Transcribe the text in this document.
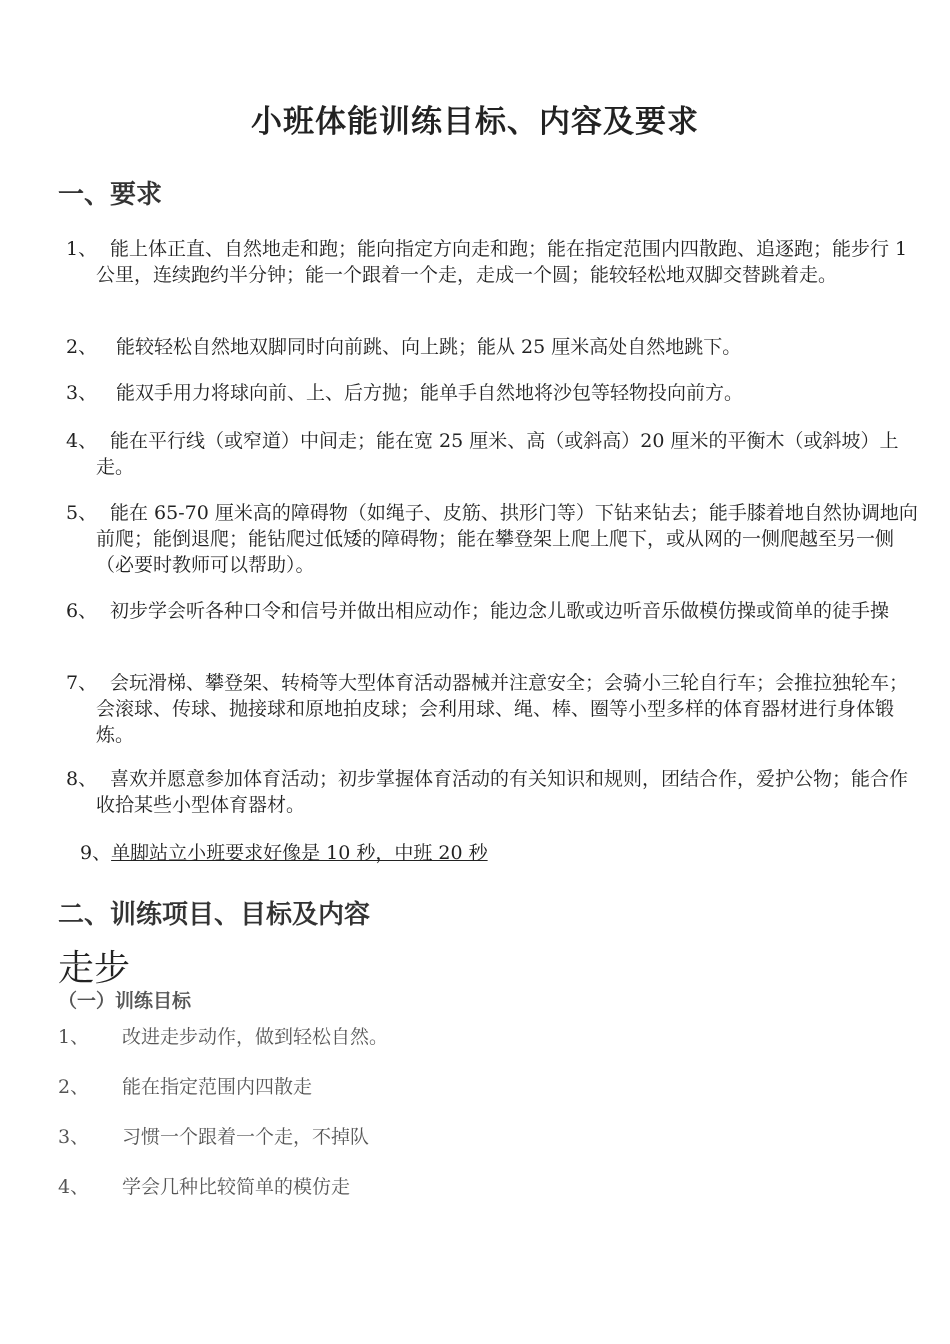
小班体能训练目标、内容及要求
一、要求
1、 能上体正直、自然地走和跑；能向指定方向走和跑；能在指定范围内四散跑、追逐跑；能步行 1 公里，连续跑约半分钟；能一个跟着一个走，走成一个圆；能较轻松地双脚交替跳着走。
2、 能较轻松自然地双脚同时向前跳、向上跳；能从 25 厘米高处自然地跳下。
3、 能双手用力将球向前、上、后方抛；能单手自然地将沙包等轻物投向前方。
4、 能在平行线（或窄道）中间走；能在宽 25 厘米、高（或斜高）20 厘米的平衡木（或斜坡）上走。
5、 能在 65-70 厘米高的障碍物（如绳子、皮筋、拱形门等）下钻来钻去；能手膝着地自然协调地向前爬；能倒退爬；能钻爬过低矮的障碍物；能在攀登架上爬上爬下，或从网的一侧爬越至另一侧（必要时教师可以帮助）。
6、 初步学会听各种口令和信号并做出相应动作；能边念儿歌或边听音乐做模仿操或简单的徒手操
7、 会玩滑梯、攀登架、转椅等大型体育活动器械并注意安全；会骑小三轮自行车；会推拉独轮车；会滚球、传球、抛接球和原地拍皮球；会利用球、绳、棒、圈等小型多样的体育器材进行身体锻炼。
8、 喜欢并愿意参加体育活动；初步掌握体育活动的有关知识和规则，团结合作，爱护公物；能合作收拾某些小型体育器材。
9、单脚站立小班要求好像是 10 秒，中班 20 秒
二、训练项目、目标及内容
走步
（一）训练目标
1、 改进走步动作，做到轻松自然。
2、 能在指定范围内四散走
3、 习惯一个跟着一个走，不掉队
4、 学会几种比较简单的模仿走
